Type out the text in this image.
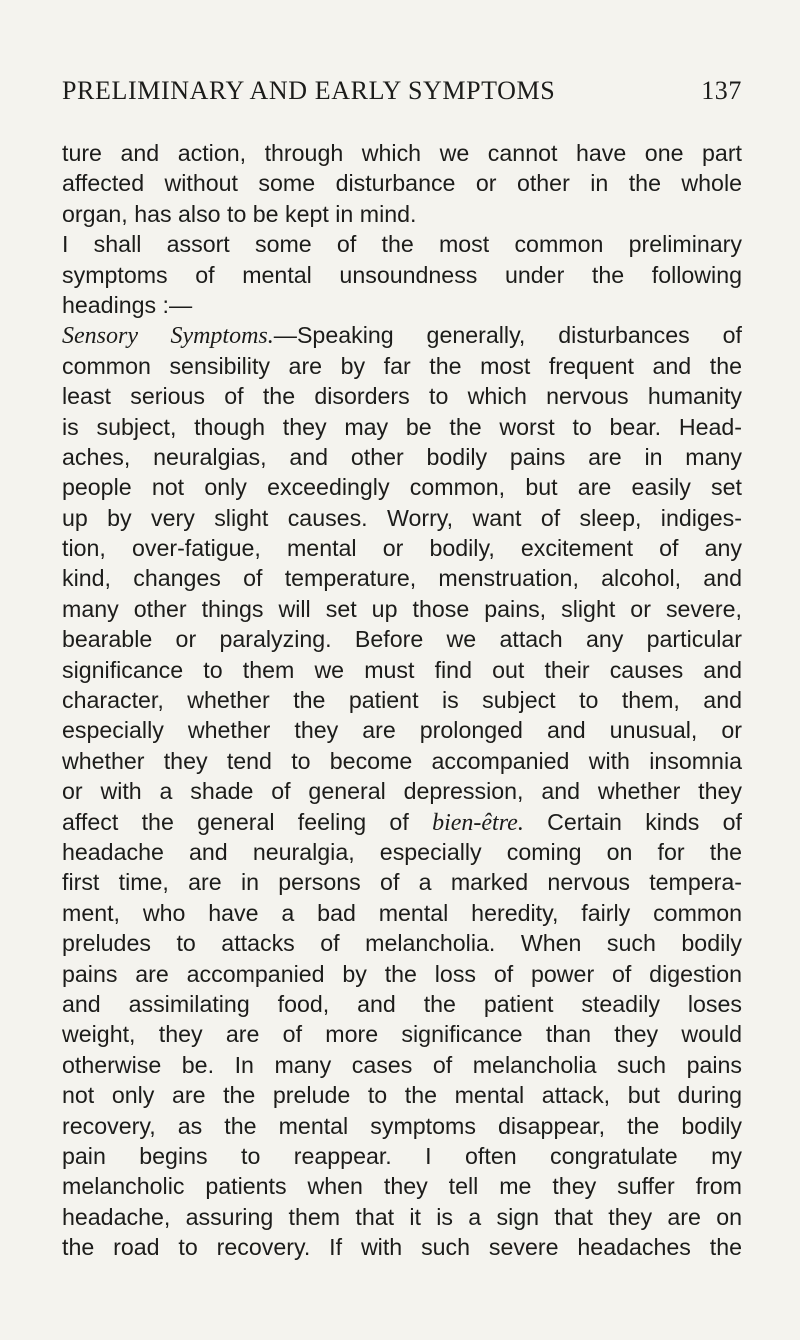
PRELIMINARY AND EARLY SYMPTOMS	137
ture and action, through which we cannot have one part
affected without some disturbance or other in the whole
organ, has also to be kept in mind.
I shall assort some of the most common preliminary
symptoms of mental unsoundness under the following
headings :—
Sensory Symptoms.—Speaking generally, disturbances of
common sensibility are by far the most frequent and the
least serious of the disorders to which nervous humanity
is subject, though they may be the worst to bear. Head-
aches, neuralgias, and other bodily pains are in many
people not only exceedingly common, but are easily set
up by very slight causes. Worry, want of sleep, indiges-
tion, over-fatigue, mental or bodily, excitement of any
kind, changes of temperature, menstruation, alcohol, and
many other things will set up those pains, slight or severe,
bearable or paralyzing. Before we attach any particular
significance to them we must find out their causes and
character, whether the patient is subject to them, and
especially whether they are prolonged and unusual, or
whether they tend to become accompanied with insomnia
or with a shade of general depression, and whether they
affect the general feeling of bien-être. Certain kinds of
headache and neuralgia, especially coming on for the
first time, are in persons of a marked nervous tempera-
ment, who have a bad mental heredity, fairly common
preludes to attacks of melancholia. When such bodily
pains are accompanied by the loss of power of digestion
and assimilating food, and the patient steadily loses
weight, they are of more significance than they would
otherwise be. In many cases of melancholia such pains
not only are the prelude to the mental attack, but during
recovery, as the mental symptoms disappear, the bodily
pain begins to reappear. I often congratulate my
melancholic patients when they tell me they suffer from
headache, assuring them that it is a sign that they are on
the road to recovery. If with such severe headaches the
